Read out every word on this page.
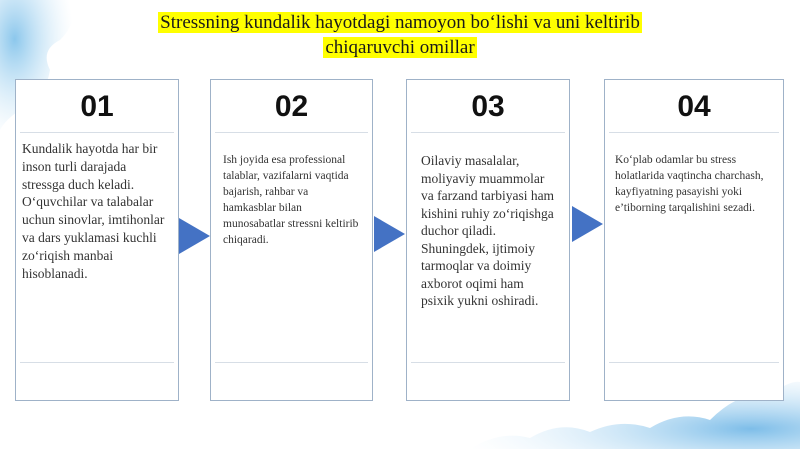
Stressning kundalik hayotdagi namoyon bo‘lishi va uni keltirib
chiqaruvchi omillar
01
Kundalik hayotda har bir inson turli darajada stressga duch keladi. O‘quvchilar va talabalar uchun sinovlar, imtihonlar va dars yuklamasi kuchli zo‘riqish manbai hisoblanadi.
02
Ish joyida esa professional talablar, vazifalarni vaqtida bajarish, rahbar va hamkasblar bilan munosabatlar stressni keltirib chiqaradi.
03
Oilaviy masalalar, moliyaviy muammolar va farzand tarbiyasi ham kishini ruhiy zo‘riqishga duchor qiladi. Shuningdek, ijtimoiy tarmoqlar va doimiy axborot oqimi ham psixik yukni oshiradi.
04
Ko‘plab odamlar bu stress holatlarida vaqtincha charchash, kayfiyatning pasayishi yoki e’tiborning tarqalishini sezadi.
